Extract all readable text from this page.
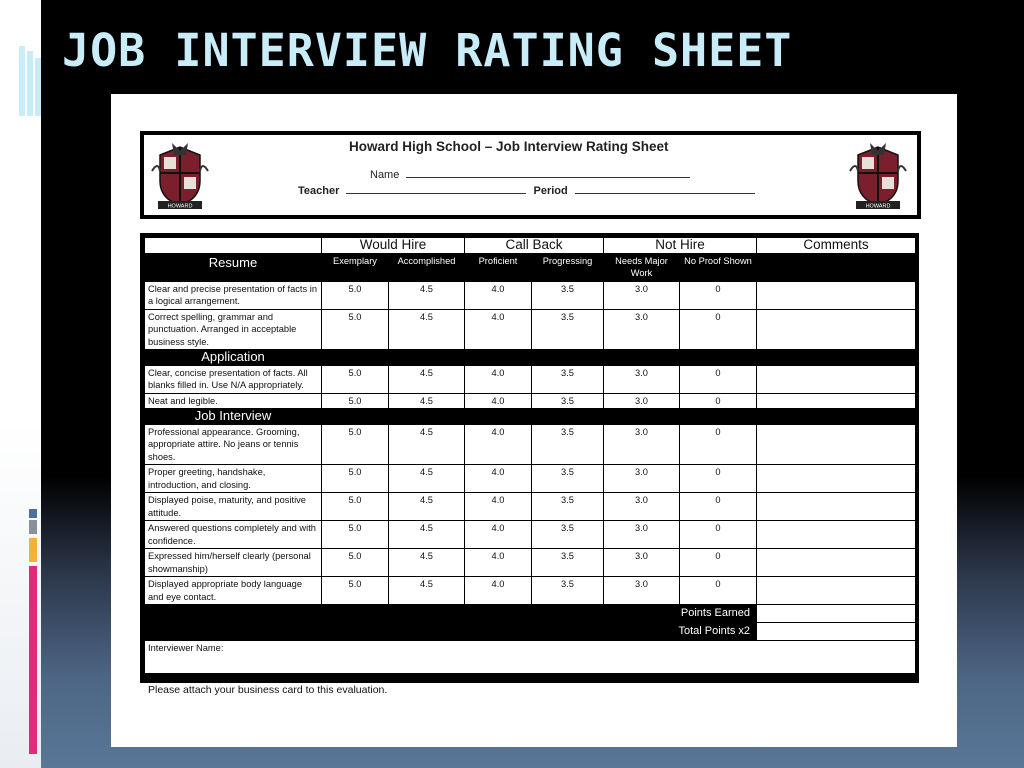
JOB INTERVIEW RATING SHEET
HOWARD	HOWARD
Howard High School – Job Interview Rating Sheet
Name
Teacher	Period
	Would Hire		Call Back		Not Hire		Comments
Resume	Exemplary	Accomplished	Proficient	Progressing	Needs Major Work	No Proof Shown	
Clear and precise presentation of facts in a logical arrangement.	5.0	4.5	4.0	3.5	3.0	0	
Correct spelling, grammar and punctuation. Arranged in acceptable business style.	5.0	4.5	4.0	3.5	3.0	0	
Application							
Clear, concise presentation of facts. All blanks filled in. Use N/A appropriately.	5.0	4.5	4.0	3.5	3.0	0	
Neat and legible.	5.0	4.5	4.0	3.5	3.0	0	
Job Interview							
Professional appearance. Grooming, appropriate attire. No jeans or tennis shoes.	5.0	4.5	4.0	3.5	3.0	0	
Proper greeting, handshake, introduction, and closing.	5.0	4.5	4.0	3.5	3.0	0	
Displayed poise, maturity, and positive attitude.	5.0	4.5	4.0	3.5	3.0	0	
Answered questions completely and with confidence.	5.0	4.5	4.0	3.5	3.0	0	
Expressed him/herself clearly (personal showmanship)	5.0	4.5	4.0	3.5	3.0	0	
Displayed appropriate body language and eye contact.	5.0	4.5	4.0	3.5	3.0	0	
Points Earned							
Total Points x2							
Interviewer Name:							
Please attach your business card to this evaluation.
